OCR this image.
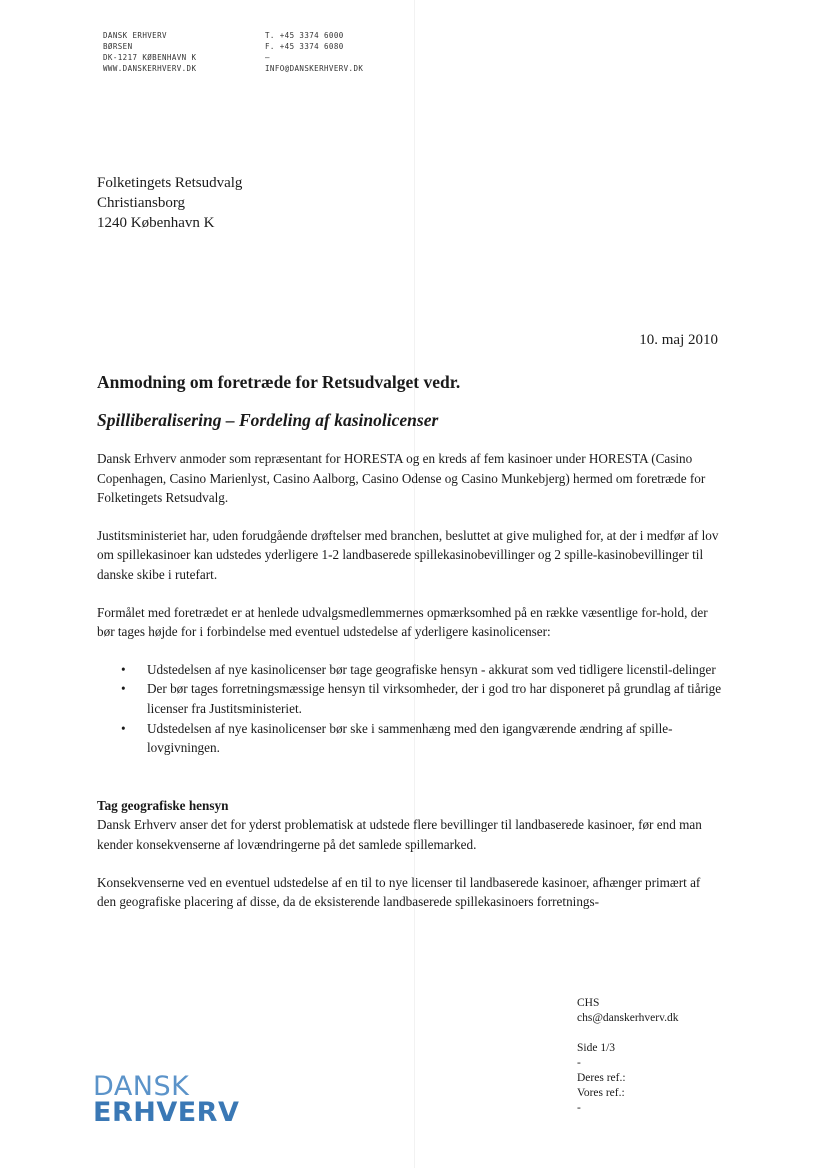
DANSK ERHVERV
BØRSEN
DK-1217 KØBENHAVN K
WWW.DANSKERHVERV.DK
T. +45 3374 6000
F. +45 3374 6080
–
INFO@DANSKERHVERV.DK
Folketingets Retsudvalg
Christiansborg
1240 København K
10. maj 2010
Anmodning om foretræde for Retsudvalget vedr.
Spilliberalisering – Fordeling af kasinolicenser

Dansk Erhverv anmoder som repræsentant for HORESTA og en kreds af fem kasinoer under HORESTA (Casino Copenhagen, Casino Marienlyst, Casino Aalborg, Casino Odense og Casino Munkebjerg) hermed om foretræde for Folketingets Retsudvalg.

Justitsministeriet har, uden forudgående drøftelser med branchen, besluttet at give mulighed for, at der i medfør af lov om spillekasinoer kan udstedes yderligere 1-2 landbaserede spillekasinobevillinger og 2 spille-kasinobevillinger til danske skibe i rutefart.

Formålet med foretrædet er at henlede udvalgsmedlemmernes opmærksomhed på en række væsentlige for-hold, der bør tages højde for i forbindelse med eventuel udstedelse af yderligere kasinolicenser:

• Udstedelsen af nye kasinolicenser bør tage geografiske hensyn - akkurat som ved tidligere licenstil-delinger
• Der bør tages forretningsmæssige hensyn til virksomheder, der i god tro har disponeret på grundlag af tiårige licenser fra Justitsministeriet.
• Udstedelsen af nye kasinolicenser bør ske i sammenhæng med den igangværende ændring af spille-lovgivningen.
Tag geografiske hensyn

Dansk Erhverv anser det for yderst problematisk at udstede flere bevillinger til landbaserede kasinoer, før end man kender konsekvenserne af lovændringerne på det samlede spillemarked.

Konsekvenserne ved en eventuel udstedelse af en til to nye licenser til landbaserede kasinoer, afhænger primært af den geografiske placering af disse, da de eksisterende landbaserede spillekasinoers forretnings-

CHS
chs@danskerhverv.dk
Side 1/3
-
Deres ref.:
Vores ref.:
-
DANSK
ERHVERV
